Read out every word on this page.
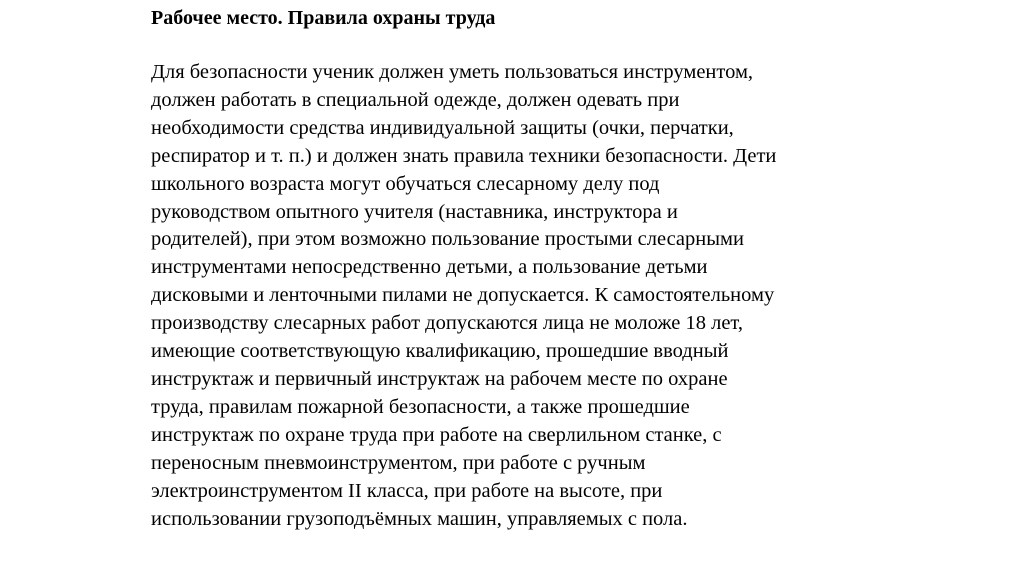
Рабочее место. Правила охраны труда
Для безопасности ученик должен уметь пользоваться инструментом,
должен работать в специальной одежде, должен одевать при
необходимости средства индивидуальной защиты (очки, перчатки,
респиратор и т. п.) и должен знать правила техники безопасности. Дети
школьного возраста могут обучаться слесарному делу под
руководством опытного учителя (наставника, инструктора и
родителей), при этом возможно пользование простыми слесарными
инструментами непосредственно детьми, а пользование детьми
дисковыми и ленточными пилами не допускается. К самостоятельному
производству слесарных работ допускаются лица не моложе 18 лет,
имеющие соответствующую квалификацию, прошедшие вводный
инструктаж и первичный инструктаж на рабочем месте по охране
труда, правилам пожарной безопасности, а также прошедшие
инструктаж по охране труда при работе на сверлильном станке, с
переносным пневмоинструментом, при работе с ручным
электроинструментом II класса, при работе на высоте, при
использовании грузоподъёмных машин, управляемых с пола.
